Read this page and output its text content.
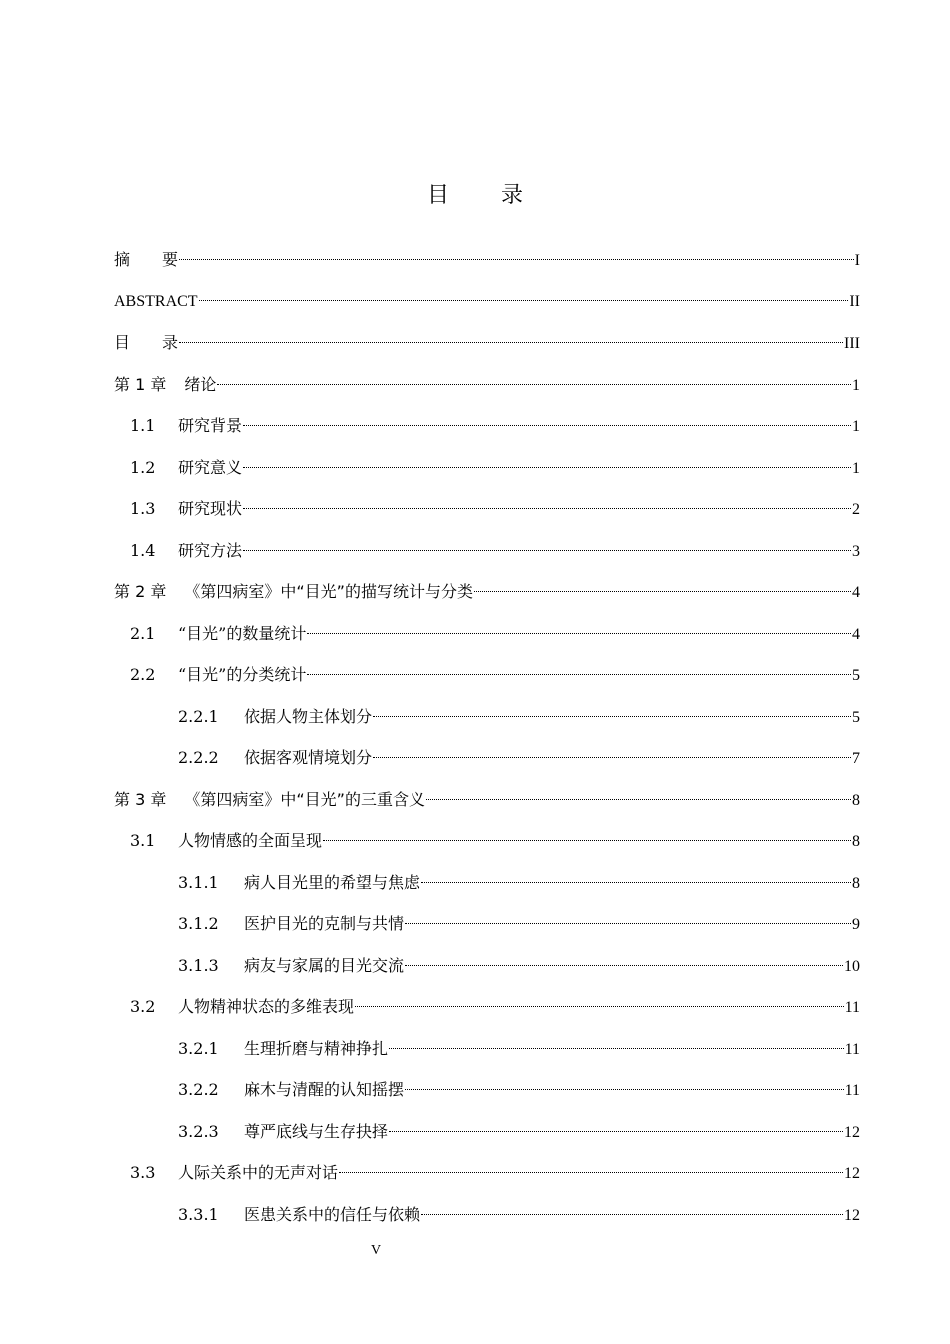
目 录
摘　　要	I
ABSTRACT	II
目　　录	III
第 1 章 绪论	1
1.1	研究背景	1
1.2	研究意义	1
1.3	研究现状	2
1.4	研究方法	3
第 2 章 《第四病室》中“目光”的描写统计与分类	4
2.1	“目光”的数量统计	4
2.2	“目光”的分类统计	5
2.2.1	依据人物主体划分	5
2.2.2	依据客观情境划分	7
第 3 章 《第四病室》中“目光”的三重含义	8
3.1	人物情感的全面呈现	8
3.1.1	病人目光里的希望与焦虑	8
3.1.2	医护目光的克制与共情	9
3.1.3	病友与家属的目光交流	10
3.2	人物精神状态的多维表现	11
3.2.1	生理折磨与精神挣扎	11
3.2.2	麻木与清醒的认知摇摆	11
3.2.3	尊严底线与生存抉择	12
3.3	人际关系中的无声对话	12
3.3.1	医患关系中的信任与依赖	12
V
